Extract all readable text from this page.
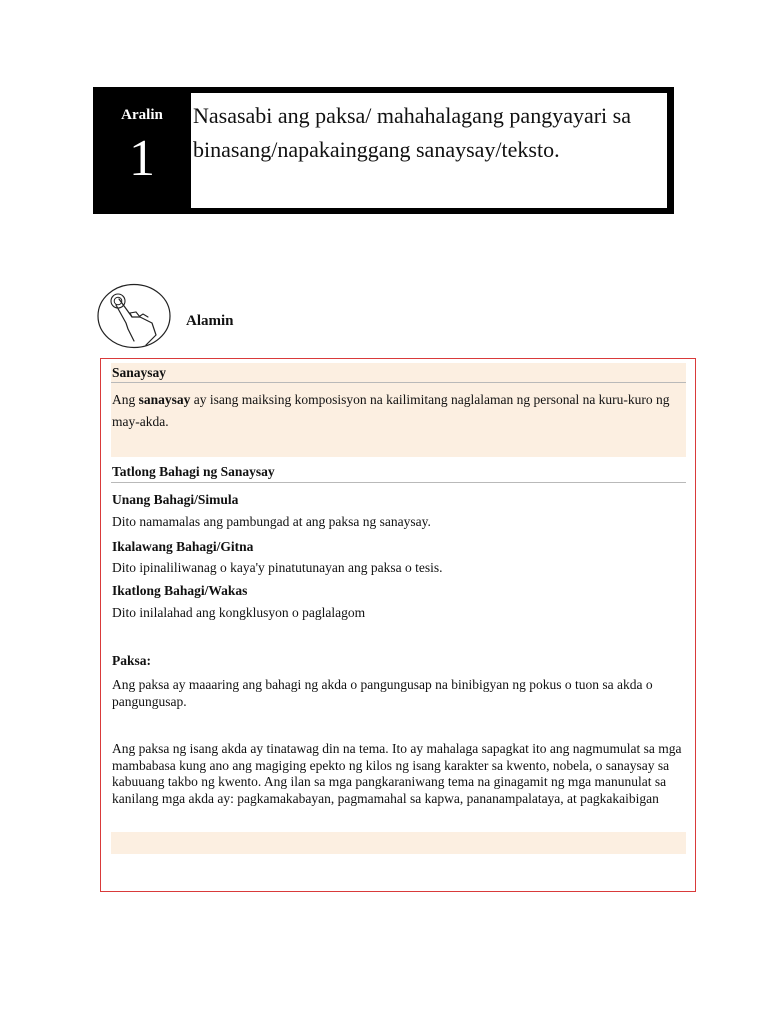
Aralin
1
Nasasabi ang paksa/ mahahalagang pangyayari sa binasang/napakainggang sanaysay/teksto.
Alamin
Sanaysay
Ang sanaysay ay isang maiksing komposisyon na kailimitang naglalaman ng personal na kuru-kuro ng may-akda.
Tatlong Bahagi ng Sanaysay
Unang Bahagi/Simula
Dito namamalas ang pambungad at ang paksa ng sanaysay.
Ikalawang Bahagi/Gitna
Dito ipinaliliwanag o kaya'y pinatutunayan ang paksa o tesis.
Ikatlong Bahagi/Wakas
Dito inilalahad ang kongklusyon o paglalagom
Paksa:
Ang paksa ay maaaring ang bahagi ng akda o pangungusap na binibigyan ng pokus o tuon sa akda o pangungusap.
Ang paksa ng isang akda ay tinatawag din na tema. Ito ay mahalaga sapagkat ito ang nagmumulat sa mga mambabasa kung ano ang magiging epekto ng kilos ng isang karakter sa kwento, nobela, o sanaysay sa kabuuang takbo ng kwento. Ang ilan sa mga pangkaraniwang tema na ginagamit ng mga manunulat sa kanilang mga akda ay: pagkamakabayan, pagmamahal sa kapwa, pananampalataya, at pagkakaibigan
